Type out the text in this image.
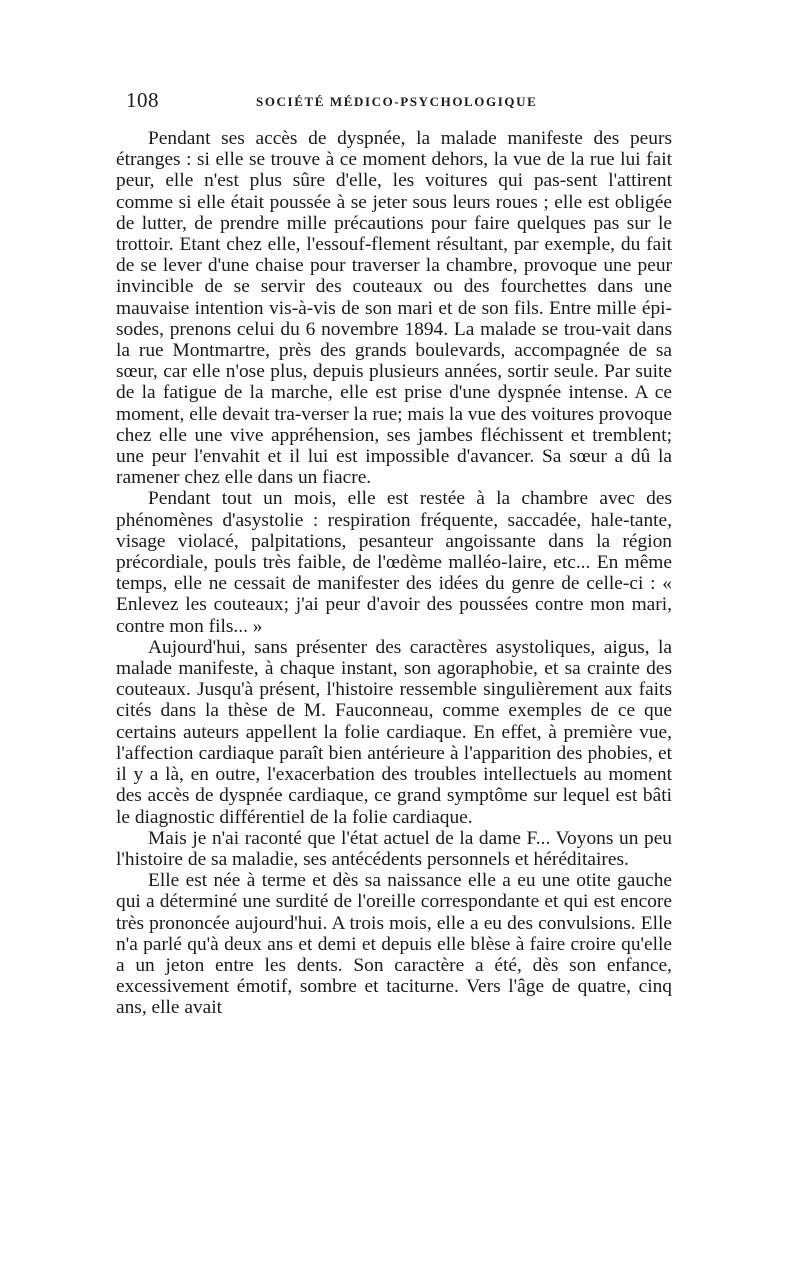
108	SOCIÉTÉ MÉDICO-PSYCHOLOGIQUE

Pendant ses accès de dyspnée, la malade manifeste des peurs étranges : si elle se trouve à ce moment dehors, la vue de la rue lui fait peur, elle n'est plus sûre d'elle, les voitures qui pas-sent l'attirent comme si elle était poussée à se jeter sous leurs roues ; elle est obligée de lutter, de prendre mille précautions pour faire quelques pas sur le trottoir. Etant chez elle, l'essouf-flement résultant, par exemple, du fait de se lever d'une chaise pour traverser la chambre, provoque une peur invincible de se servir des couteaux ou des fourchettes dans une mauvaise intention vis-à-vis de son mari et de son fils. Entre mille épi-sodes, prenons celui du 6 novembre 1894. La malade se trou-vait dans la rue Montmartre, près des grands boulevards, accompagnée de sa sœur, car elle n'ose plus, depuis plusieurs années, sortir seule. Par suite de la fatigue de la marche, elle est prise d'une dyspnée intense. A ce moment, elle devait tra-verser la rue; mais la vue des voitures provoque chez elle une vive appréhension, ses jambes fléchissent et tremblent; une peur l'envahit et il lui est impossible d'avancer. Sa sœur a dû la ramener chez elle dans un fiacre.

Pendant tout un mois, elle est restée à la chambre avec des phénomènes d'asystolie : respiration fréquente, saccadée, hale-tante, visage violacé, palpitations, pesanteur angoissante dans la région précordiale, pouls très faible, de l'œdème malléo-laire, etc... En même temps, elle ne cessait de manifester des idées du genre de celle-ci : « Enlevez les couteaux; j'ai peur d'avoir des poussées contre mon mari, contre mon fils... »

Aujourd'hui, sans présenter des caractères asystoliques, aigus, la malade manifeste, à chaque instant, son agoraphobie, et sa crainte des couteaux. Jusqu'à présent, l'histoire ressemble singulièrement aux faits cités dans la thèse de M. Fauconneau, comme exemples de ce que certains auteurs appellent la folie cardiaque. En effet, à première vue, l'affection cardiaque paraît bien antérieure à l'apparition des phobies, et il y a là, en outre, l'exacerbation des troubles intellectuels au moment des accès de dyspnée cardiaque, ce grand symptôme sur lequel est bâti le diagnostic différentiel de la folie cardiaque.

Mais je n'ai raconté que l'état actuel de la dame F... Voyons un peu l'histoire de sa maladie, ses antécédents personnels et héréditaires.

Elle est née à terme et dès sa naissance elle a eu une otite gauche qui a déterminé une surdité de l'oreille correspondante et qui est encore très prononcée aujourd'hui. A trois mois, elle a eu des convulsions. Elle n'a parlé qu'à deux ans et demi et depuis elle blèse à faire croire qu'elle a un jeton entre les dents. Son caractère a été, dès son enfance, excessivement émotif, sombre et taciturne. Vers l'âge de quatre, cinq ans, elle avait
